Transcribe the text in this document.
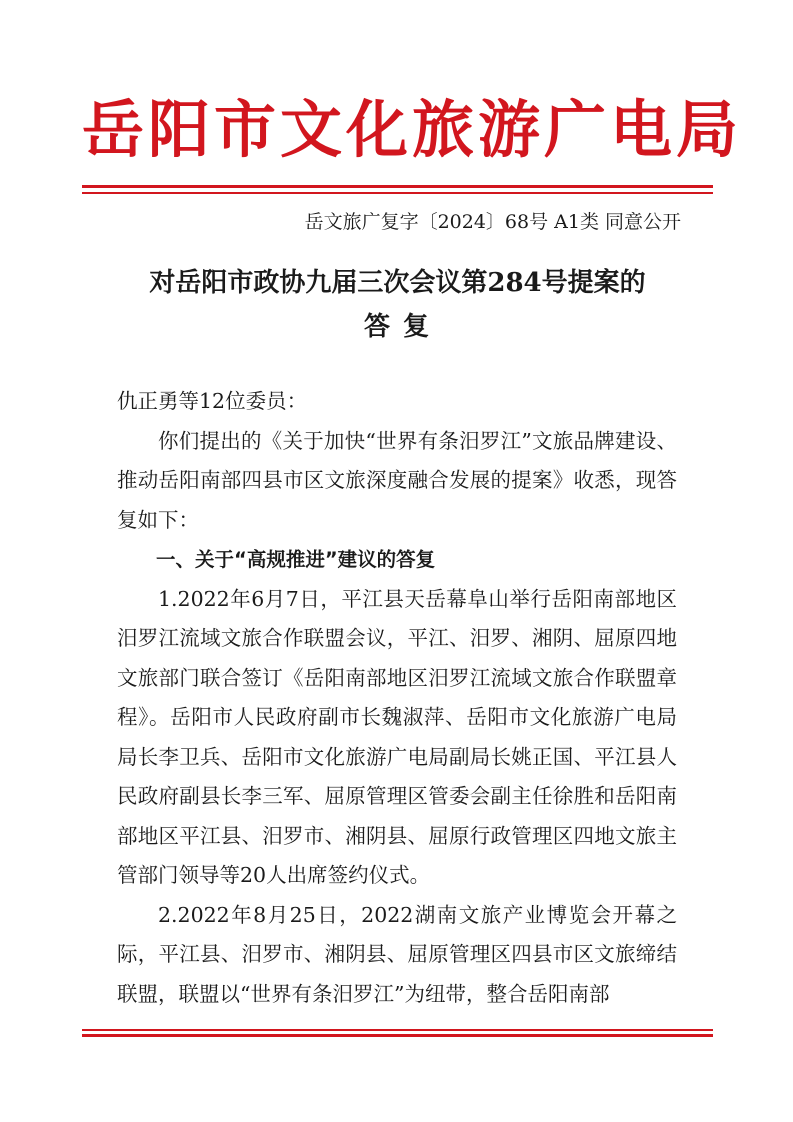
岳阳市文化旅游广电局
岳文旅广复字〔2024〕68号 A1类 同意公开
对岳阳市政协九届三次会议第284号提案的
答 复

仇正勇等12位委员：

你们提出的《关于加快“世界有条汨罗江”文旅品牌建设、推动岳阳南部四县市区文旅深度融合发展的提案》收悉，现答复如下：

一、关于“高规推进”建议的答复

1.2022年6月7日，平江县天岳幕阜山举行岳阳南部地区汨罗江流域文旅合作联盟会议，平江、汨罗、湘阴、屈原四地文旅部门联合签订《岳阳南部地区汨罗江流域文旅合作联盟章程》。岳阳市人民政府副市长魏淑萍、岳阳市文化旅游广电局局长李卫兵、岳阳市文化旅游广电局副局长姚正国、平江县人民政府副县长李三军、屈原管理区管委会副主任徐胜和岳阳南部地区平江县、汨罗市、湘阴县、屈原行政管理区四地文旅主管部门领导等20人出席签约仪式。

2.2022年8月25日，2022湖南文旅产业博览会开幕之际，平江县、汨罗市、湘阴县、屈原管理区四县市区文旅缔结联盟，联盟以“世界有条汨罗江”为纽带，整合岳阳南部
